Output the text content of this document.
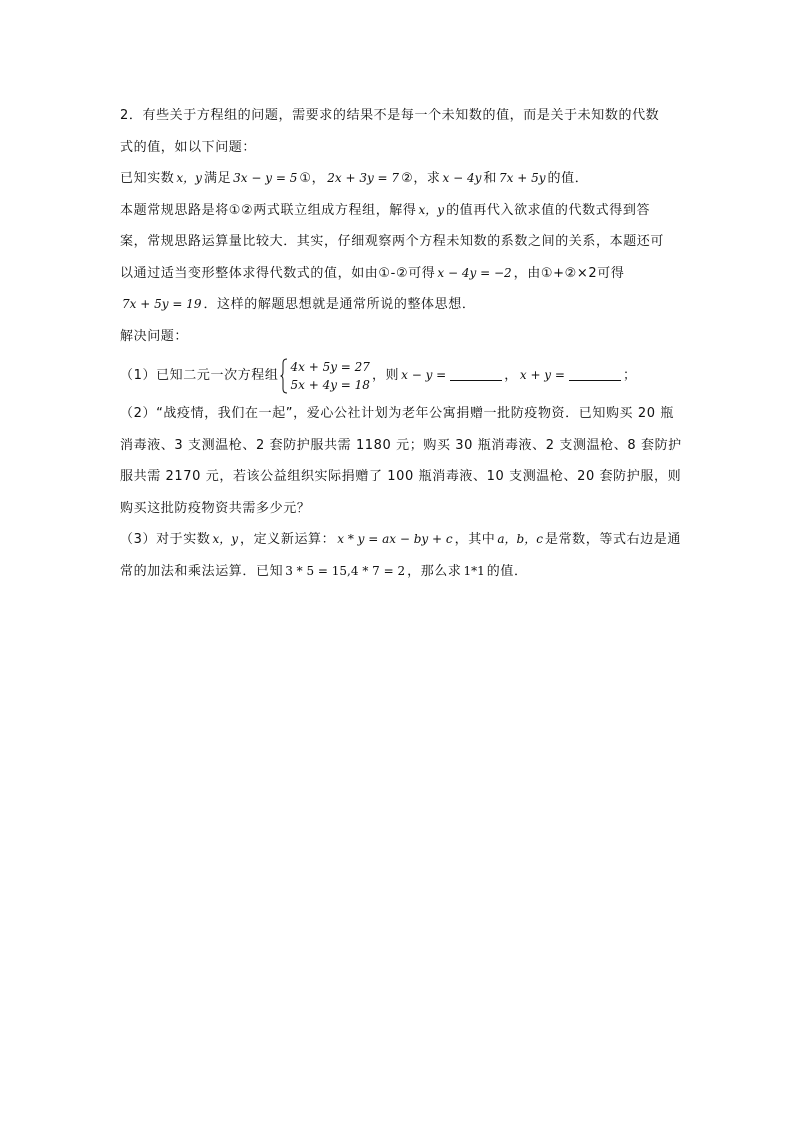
2．有些关于方程组的问题，需要求的结果不是每一个未知数的值，而是关于未知数的代数
式的值，如以下问题：
已知实数 x，y 满足 3x − y = 5 ①， 2x + 3y = 7 ②，求 x − 4y 和 7x + 5y 的值．
本题常规思路是将①②两式联立组成方程组，解得 x，y 的值再代入欲求值的代数式得到答
案，常规思路运算量比较大．其实，仔细观察两个方程未知数的系数之间的关系，本题还可
以通过适当变形整体求得代数式的值，如由①-②可得 x − 4y = −2 ，由①+②×2可得
7x + 5y = 19 ．这样的解题思想就是通常所说的整体思想．
解决问题：
（1）已知二元一次方程组
4x + 5y = 27
5x + 4y = 18
，则 x − y =	， x + y =	；
（2）“战疫情，我们在一起”，爱心公社计划为老年公寓捐赠一批防疫物资．已知购买 20 瓶
消毒液、3 支测温枪、2 套防护服共需 1180 元；购买 30 瓶消毒液、2 支测温枪、8 套防护
服共需 2170 元，若该公益组织实际捐赠了 100 瓶消毒液、10 支测温枪、20 套防护服，则
购买这批防疫物资共需多少元？
（3）对于实数 x，y ，定义新运算： x * y = ax − by + c ，其中 a，b，c 是常数，等式右边是通
常的加法和乘法运算．已知 3 * 5 = 15,4 * 7 = 2 ，那么求 1*1 的值．
